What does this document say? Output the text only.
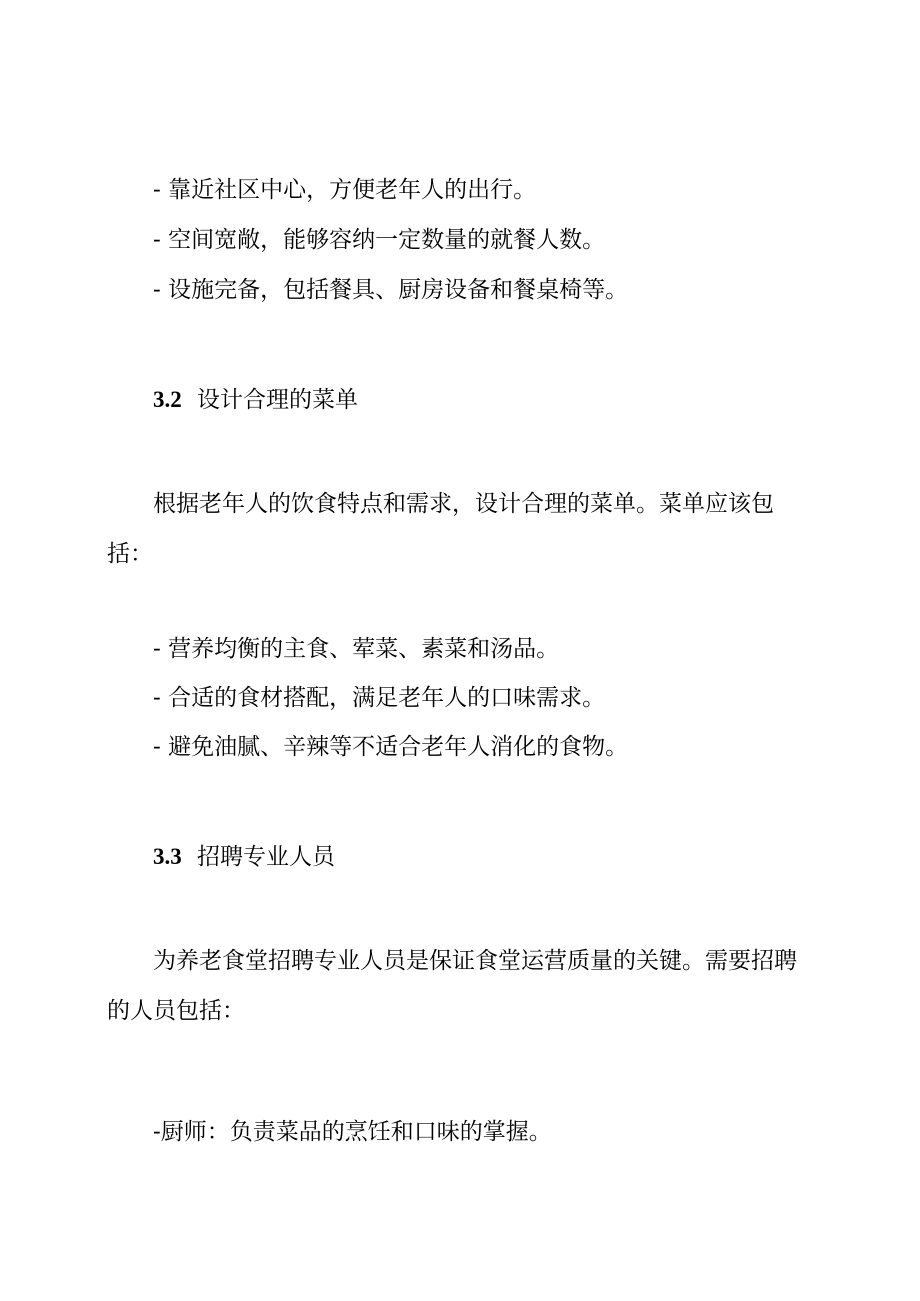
- 靠近社区中心，方便老年人的出行。
- 空间宽敞，能够容纳一定数量的就餐人数。
- 设施完备，包括餐具、厨房设备和餐桌椅等。
3.2 设计合理的菜单
根据老年人的饮食特点和需求，设计合理的菜单。菜单应该包
括：
- 营养均衡的主食、荤菜、素菜和汤品。
- 合适的食材搭配，满足老年人的口味需求。
- 避免油腻、辛辣等不适合老年人消化的食物。
3.3 招聘专业人员
为养老食堂招聘专业人员是保证食堂运营质量的关键。需要招聘
的人员包括：
-厨师：负责菜品的烹饪和口味的掌握。
